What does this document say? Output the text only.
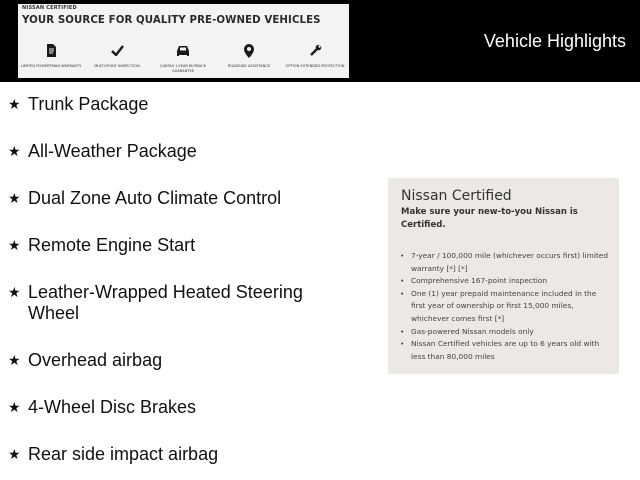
NISSAN CERTIFIED
YOUR SOURCE FOR QUALITY PRE-OWNED VEHICLES
LIMITED POWERTRAIN WARRANTY	MULTI-POINT INSPECTION	CARFAX 1-YEAR BUYBACK GUARANTEE
ROADSIDE ASSISTANCE	OPTION EXTENDED PROTECTION
Vehicle Highlights
★ Trunk Package
★ All-Weather Package
★ Dual Zone Auto Climate Control
★ Remote Engine Start
★ Leather-Wrapped Heated Steering Wheel
★ Overhead airbag
★ 4-Wheel Disc Brakes
★ Rear side impact airbag
Nissan Certified
Make sure your new-to-you Nissan is Certified.
• 7-year / 100,000 mile (whichever occurs first) limited warranty [*] [*]
• Comprehensive 167-point inspection
• One (1) year prepaid maintenance included in the first year of ownership or first 15,000 miles, whichever comes first [*]
• Gas-powered Nissan models only
• Nissan Certified vehicles are up to 6 years old with less than 80,000 miles
